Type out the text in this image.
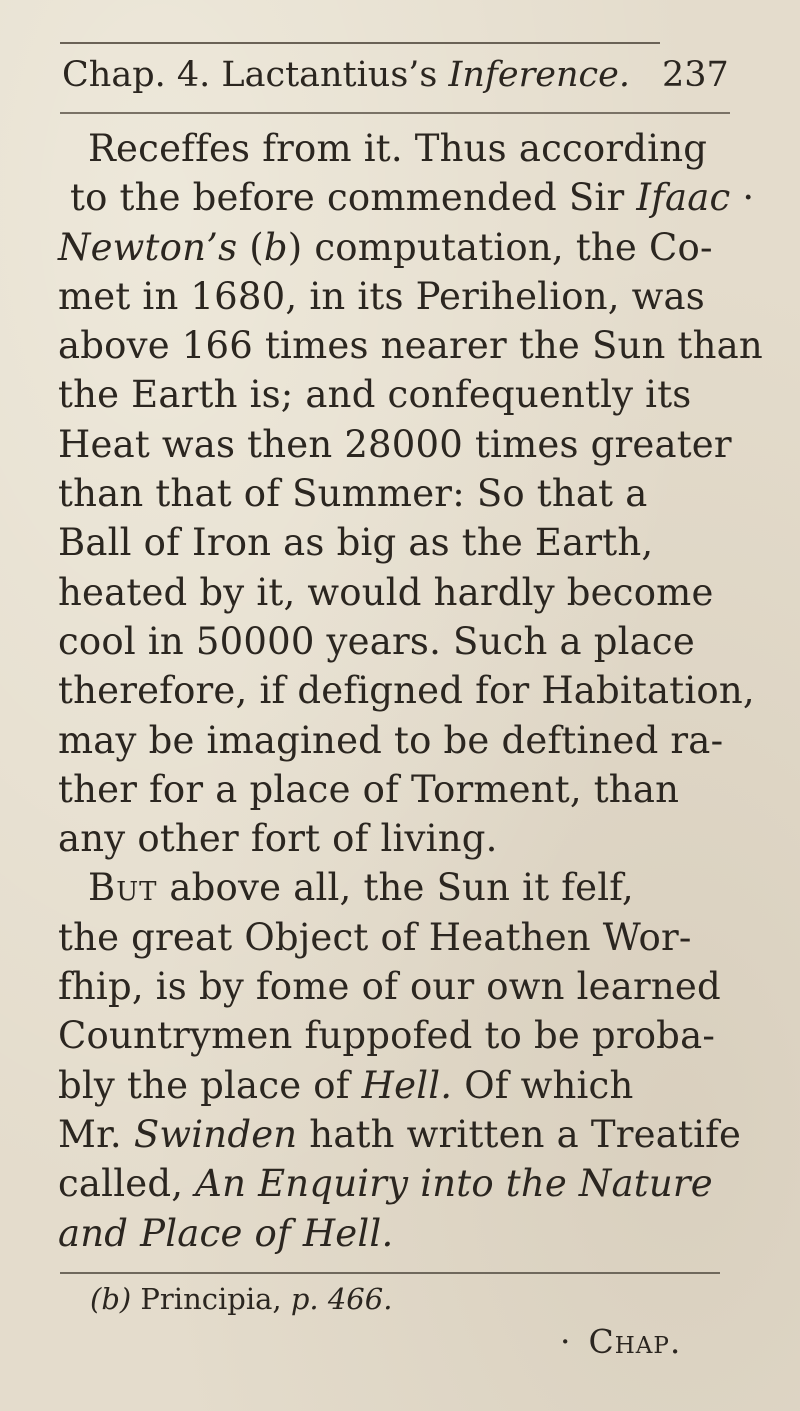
Chap. 4. Lactantius’s Inference. 237
Receffes from it. Thus according
to the before commended Sir Ifaac ·
Newton’s (b) computation, the Co-
met in 1680, in its Perihelion, was
above 166 times nearer the Sun than
the Earth is; and confequently its
Heat was then 28000 times greater
than that of Summer: So that a
Ball of Iron as big as the Earth,
heated by it, would hardly become
cool in 50000 years. Such a place
therefore, if defigned for Habitation,
may be imagined to be deftined ra-
ther for a place of Torment, than
any other fort of living.
But above all, the Sun it felf,
the great Object of Heathen Wor-
fhip, is by fome of our own learned
Countrymen fuppofed to be proba-
bly the place of Hell. Of which
Mr. Swinden hath written a Treatife
called, An Enquiry into the Nature
and Place of Hell.
(b) Principia, p. 466.
· Chap.
